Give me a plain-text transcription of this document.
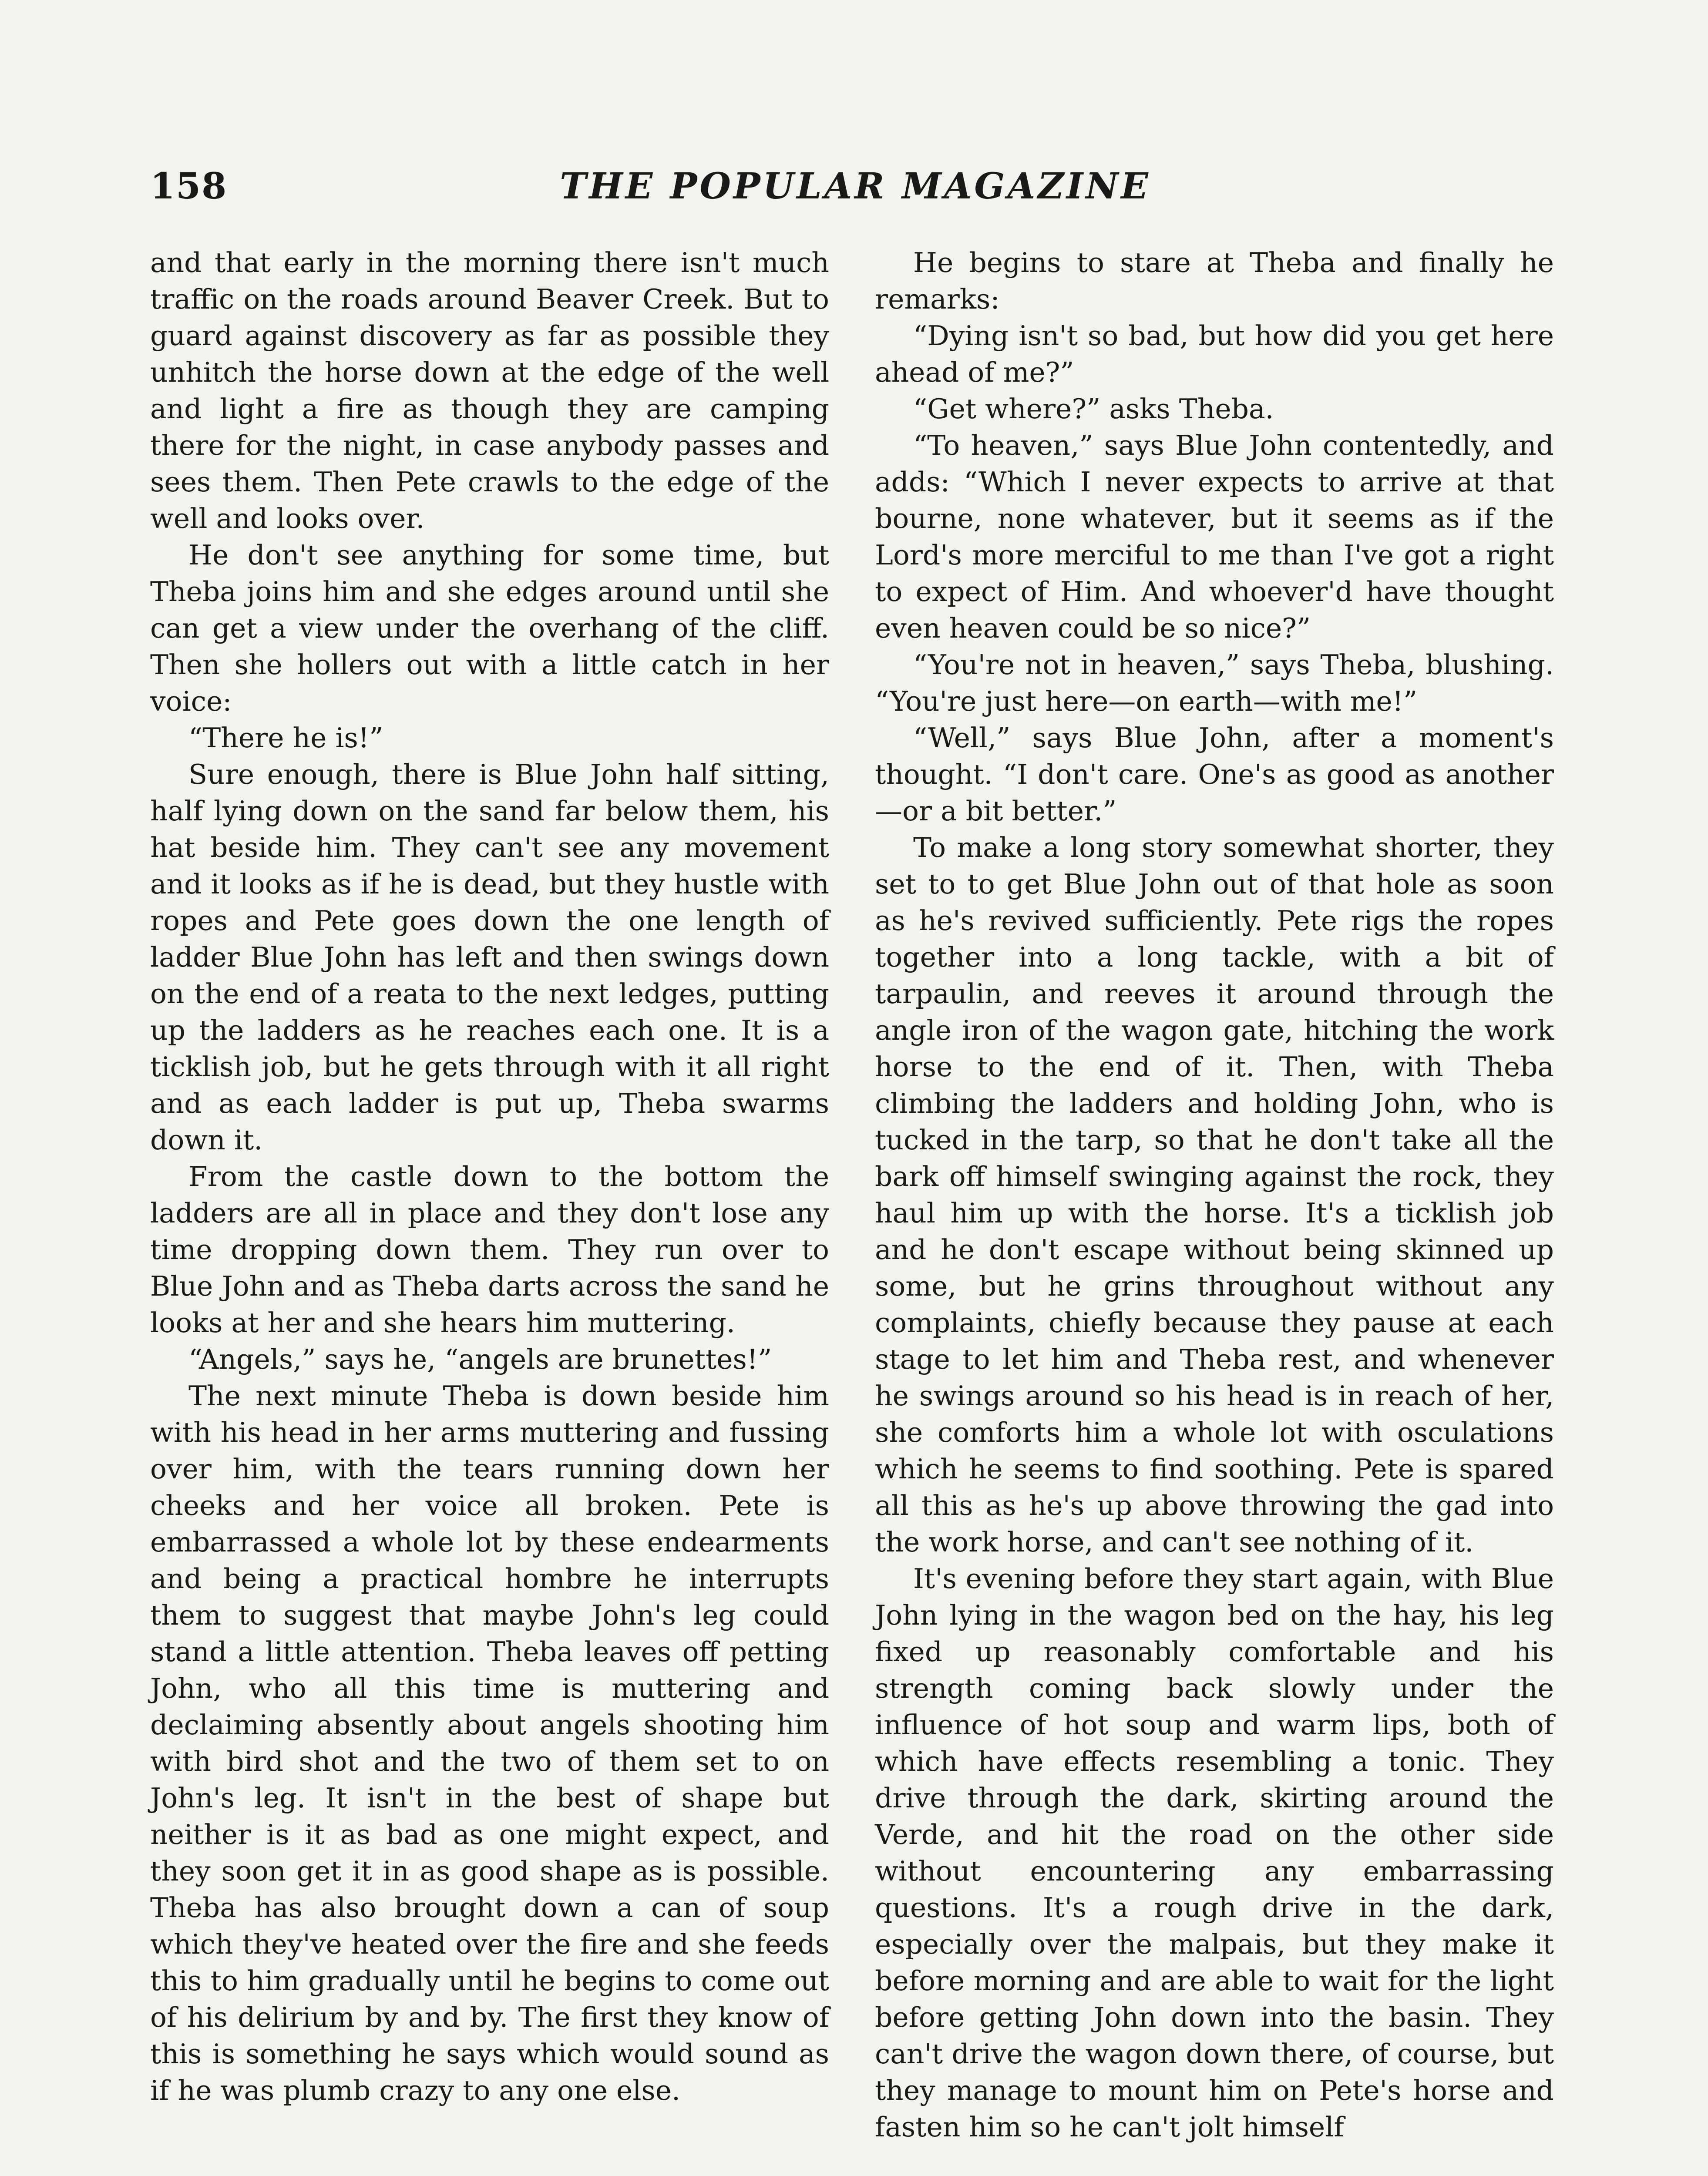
158	THE POPULAR MAGAZINE

and that early in the morning there isn't much traffic on the roads around Beaver Creek. But to guard against discovery as far as possible they unhitch the horse down at the edge of the well and light a fire as though they are camping there for the night, in case anybody passes and sees them. Then Pete crawls to the edge of the well and looks over.

He don't see anything for some time, but Theba joins him and she edges around until she can get a view under the overhang of the cliff. Then she hollers out with a little catch in her voice:

“There he is!”

Sure enough, there is Blue John half sitting, half lying down on the sand far below them, his hat beside him. They can't see any movement and it looks as if he is dead, but they hustle with ropes and Pete goes down the one length of ladder Blue John has left and then swings down on the end of a reata to the next ledges, putting up the ladders as he reaches each one. It is a ticklish job, but he gets through with it all right and as each ladder is put up, Theba swarms down it.

From the castle down to the bottom the ladders are all in place and they don't lose any time dropping down them. They run over to Blue John and as Theba darts across the sand he looks at her and she hears him muttering.

“Angels,” says he, “angels are brunettes!”

The next minute Theba is down beside him with his head in her arms muttering and fussing over him, with the tears running down her cheeks and her voice all broken. Pete is embarrassed a whole lot by these endearments and being a practical hombre he interrupts them to suggest that maybe John's leg could stand a little attention. Theba leaves off petting John, who all this time is muttering and declaiming absently about angels shooting him with bird shot and the two of them set to on John's leg. It isn't in the best of shape but neither is it as bad as one might expect, and they soon get it in as good shape as is possible. Theba has also brought down a can of soup which they've heated over the fire and she feeds this to him gradually until he begins to come out of his delirium by and by. The first they know of this is something he says which would sound as if he was plumb crazy to any one else.

He begins to stare at Theba and finally he remarks:

“Dying isn't so bad, but how did you get here ahead of me?”

“Get where?” asks Theba.

“To heaven,” says Blue John contentedly, and adds: “Which I never expects to arrive at that bourne, none whatever, but it seems as if the Lord's more merciful to me than I've got a right to expect of Him. And whoever'd have thought even heaven could be so nice?”

“You're not in heaven,” says Theba, blushing. “You're just here—on earth—with me!”

“Well,” says Blue John, after a moment's thought. “I don't care. One's as good as another—or a bit better.”

To make a long story somewhat shorter, they set to to get Blue John out of that hole as soon as he's revived sufficiently. Pete rigs the ropes together into a long tackle, with a bit of tarpaulin, and reeves it around through the angle iron of the wagon gate, hitching the work horse to the end of it. Then, with Theba climbing the ladders and holding John, who is tucked in the tarp, so that he don't take all the bark off himself swinging against the rock, they haul him up with the horse. It's a ticklish job and he don't escape without being skinned up some, but he grins throughout without any complaints, chiefly because they pause at each stage to let him and Theba rest, and whenever he swings around so his head is in reach of her, she comforts him a whole lot with osculations which he seems to find soothing. Pete is spared all this as he's up above throwing the gad into the work horse, and can't see nothing of it.

It's evening before they start again, with Blue John lying in the wagon bed on the hay, his leg fixed up reasonably comfortable and his strength coming back slowly under the influence of hot soup and warm lips, both of which have effects resembling a tonic. They drive through the dark, skirting around the Verde, and hit the road on the other side without encountering any embarrassing questions. It's a rough drive in the dark, especially over the malpais, but they make it before morning and are able to wait for the light before getting John down into the basin. They can't drive the wagon down there, of course, but they manage to mount him on Pete's horse and fasten him so he can't jolt himself
